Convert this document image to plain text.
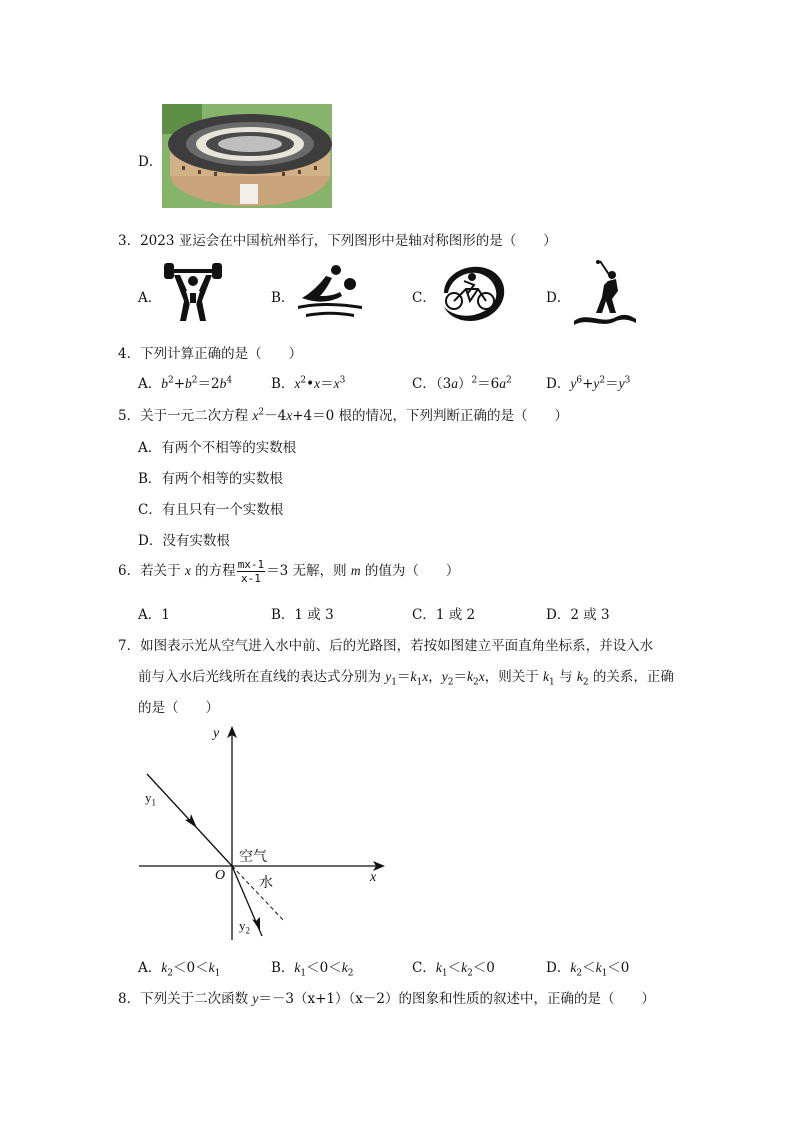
D．
3．2023 亚运会在中国杭州举行，下列图形中是轴对称图形的是（　　）
A．	B．	C．	D．
4．下列计算正确的是（　　）
A．$b^2+b^2=2b^4$	B．$x^2•x=x^3$	C．$(3a)^2=6a^2$	D．$y^6+y^2=y^3$
5．关于一元二次方程 $x^2-4x+4=0$ 根的情况，下列判断正确的是（　　）
A．有两个不相等的实数根
B．有两个相等的实数根
C．有且只有一个实数根
D．没有实数根
6．若关于 x 的方程 $\frac{mx-1}{x-1} =3$ 无解，则 m 的值为（　　）
A．1	B．1 或 3	C．1 或 2	D．2 或 3
7．如图表示光从空气进入水中前、后的光路图，若按如图建立平面直角坐标系，并设入水
前与入水后光线所在直线的表达式分别为 $y_1=k_1x$，$y_2=k_2x$，则关于 $k_1$ 与 $k_2$ 的关系，正确
的是（　　）
y
x
O
空气
水
$y_1$
$y_2$
A．$k_2<0<k_1$	B．$k_1<0<k_2$	C．$k_1<k_2<0$	D．$k_2<k_1<0$
8．下列关于二次函数 y＝－3（x+1）（x－2）的图象和性质的叙述中，正确的是（　　）
